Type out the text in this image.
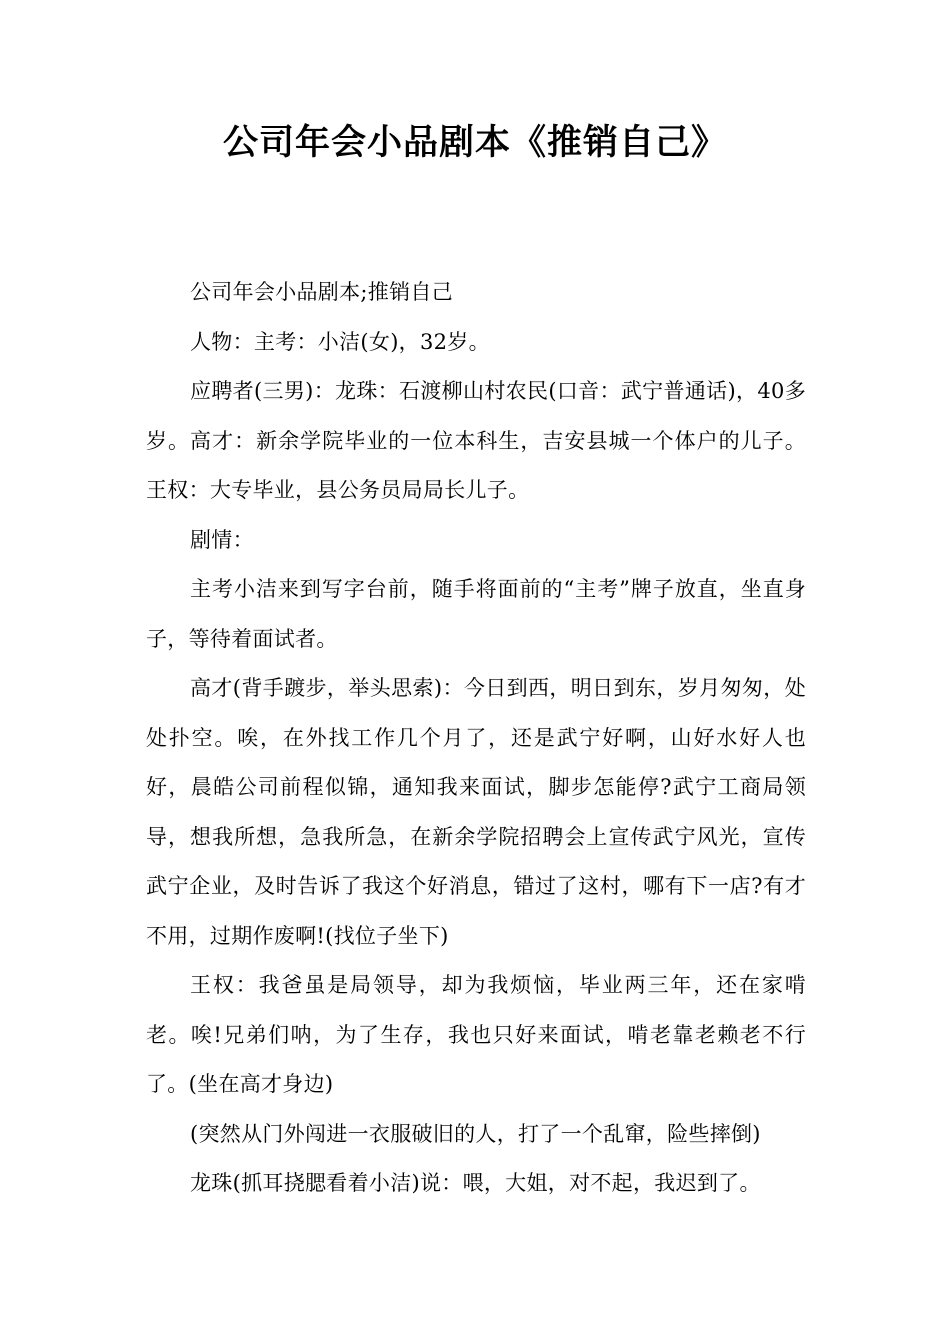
公司年会小品剧本《推销自己》

公司年会小品剧本;推销自己

人物：主考：小洁(女)，32岁。

应聘者(三男)：龙珠：石渡柳山村农民(口音：武宁普通话)，40多岁。高才：新余学院毕业的一位本科生，吉安县城一个体户的儿子。王权：大专毕业，县公务员局局长儿子。

剧情：

主考小洁来到写字台前，随手将面前的“主考”牌子放直，坐直身子，等待着面试者。

高才(背手踱步，举头思索)：今日到西，明日到东，岁月匆匆，处处扑空。唉，在外找工作几个月了，还是武宁好啊，山好水好人也好，晨皓公司前程似锦，通知我来面试，脚步怎能停?武宁工商局领导，想我所想，急我所急，在新余学院招聘会上宣传武宁风光，宣传武宁企业，及时告诉了我这个好消息，错过了这村，哪有下一店?有才不用，过期作废啊!(找位子坐下)

王权：我爸虽是局领导，却为我烦恼，毕业两三年，还在家啃老。唉!兄弟们呐，为了生存，我也只好来面试，啃老靠老赖老不行了。(坐在高才身边)

(突然从门外闯进一衣服破旧的人，打了一个乱窜，险些摔倒)

龙珠(抓耳挠腮看着小洁)说：喂，大姐，对不起，我迟到了。
